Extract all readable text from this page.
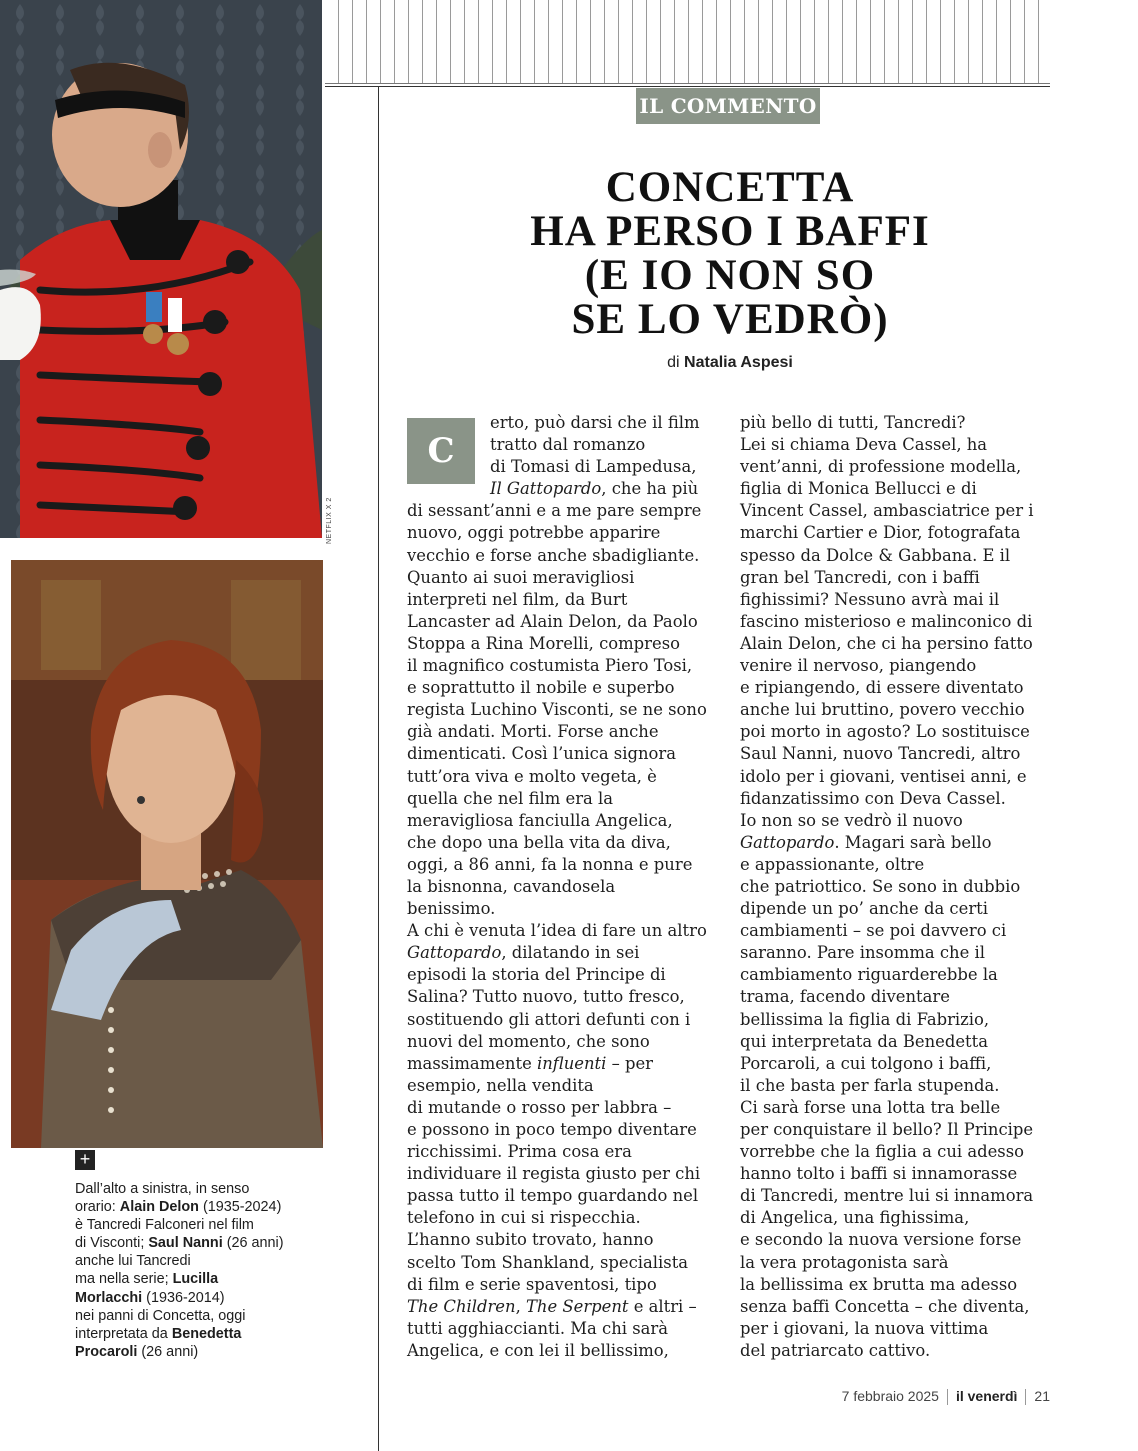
NETFLIX X 2
IL COMMENTO
CONCETTA
HA PERSO I BAFFI
(E IO NON SO
SE LO VEDRÒ)
di Natalia Aspesi
C
erto, può darsi che il film
tratto dal romanzo
di Tomasi di Lampedusa,
Il Gattopardo, che ha più
di sessant’anni e a me pare sempre
nuovo, oggi potrebbe apparire
vecchio e forse anche sbadigliante.
Quanto ai suoi meravigliosi
interpreti nel film, da Burt
Lancaster ad Alain Delon, da Paolo
Stoppa a Rina Morelli, compreso
il magnifico costumista Piero Tosi,
e soprattutto il nobile e superbo
regista Luchino Visconti, se ne sono
già andati. Morti. Forse anche
dimenticati. Così l’unica signora
tutt’ora viva e molto vegeta, è
quella che nel film era la
meravigliosa fanciulla Angelica,
che dopo una bella vita da diva,
oggi, a 86 anni, fa la nonna e pure
la bisnonna, cavandosela
benissimo.
A chi è venuta l’idea di fare un altro
Gattopardo, dilatando in sei
episodi la storia del Principe di
Salina? Tutto nuovo, tutto fresco,
sostituendo gli attori defunti con i
nuovi del momento, che sono
massimamente influenti – per
esempio, nella vendita
di mutande o rosso per labbra –
e possono in poco tempo diventare
ricchissimi. Prima cosa era
individuare il regista giusto per chi
passa tutto il tempo guardando nel
telefono in cui si rispecchia.
L’hanno subito trovato, hanno
scelto Tom Shankland, specialista
di film e serie spaventosi, tipo
The Children, The Serpent e altri –
tutti agghiaccianti. Ma chi sarà
Angelica, e con lei il bellissimo,
più bello di tutti, Tancredi?
Lei si chiama Deva Cassel, ha
vent’anni, di professione modella,
figlia di Monica Bellucci e di
Vincent Cassel, ambasciatrice per i
marchi Cartier e Dior, fotografata
spesso da Dolce & Gabbana. E il
gran bel Tancredi, con i baffi
fighissimi? Nessuno avrà mai il
fascino misterioso e malinconico di
Alain Delon, che ci ha persino fatto
venire il nervoso, piangendo
e ripiangendo, di essere diventato
anche lui bruttino, povero vecchio
poi morto in agosto? Lo sostituisce
Saul Nanni, nuovo Tancredi, altro
idolo per i giovani, ventisei anni, e
fidanzatissimo con Deva Cassel.
Io non so se vedrò il nuovo
Gattopardo. Magari sarà bello
e appassionante, oltre
che patriottico. Se sono in dubbio
dipende un po’ anche da certi
cambiamenti – se poi davvero ci
saranno. Pare insomma che il
cambiamento riguarderebbe la
trama, facendo diventare
bellissima la figlia di Fabrizio,
qui interpretata da Benedetta
Porcaroli, a cui tolgono i baffi,
il che basta per farla stupenda.
Ci sarà forse una lotta tra belle
per conquistare il bello? Il Principe
vorrebbe che la figlia a cui adesso
hanno tolto i baffi si innamorasse
di Tancredi, mentre lui si innamora
di Angelica, una fighissima,
e secondo la nuova versione forse
la vera protagonista sarà
la bellissima ex brutta ma adesso
senza baffi Concetta – che diventa,
per i giovani, la nuova vittima
del patriarcato cattivo.
+
Dall’alto a sinistra, in senso
orario: Alain Delon (1935-2024)
è Tancredi Falconeri nel film
di Visconti; Saul Nanni (26 anni)
anche lui Tancredi
ma nella serie; Lucilla
Morlacchi (1936-2014)
nei panni di Concetta, oggi
interpretata da Benedetta
Procaroli (26 anni)
7 febbraio 2025 il venerdì 21
